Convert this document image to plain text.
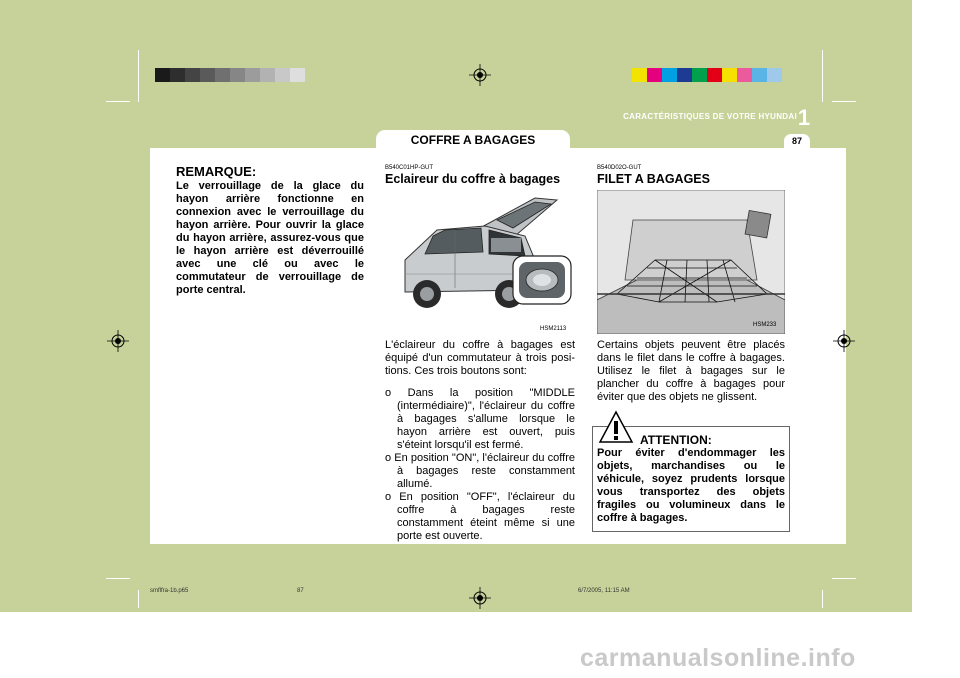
CARACTÉRISTIQUES DE VOTRE HYUNDAI 1
87
COFFRE A BAGAGES
REMARQUE:
Le verrouillage de la glace du hayon arrière fonctionne en connexion avec le verrouillage du hayon arrière. Pour ouvrir la glace du hayon arrière, assurez-vous que le hayon arrière est déverrouillé avec une clé ou avec le commutateur de verrouillage de porte central.
B540C01HP-GUT
Eclaireur du coffre à bagages
HSM2113
L'éclaireur du coffre à bagages est équipé d'un commutateur à trois posi-tions. Ces trois boutons sont:
o Dans la position "MIDDLE (intermédiaire)", l'éclaireur du coffre à bagages s'allume lorsque le hayon arrière est ouvert, puis s'éteint lorsqu'il est fermé.
o En position "ON", l'éclaireur du coffre à bagages reste constamment allumé.
o En position "OFF", l'éclaireur du coffre à bagages reste constamment éteint même si une porte est ouverte.
B540D02O-GUT
FILET A BAGAGES
HSM233
Certains objets peuvent être placés dans le filet dans le coffre à bagages. Utilisez le filet à bagages sur le plancher du coffre à bagages pour éviter que des objets ne glissent.
ATTENTION:
Pour éviter d'endommager les objets, marchandises ou le véhicule, soyez prudents lorsque vous transportez des objets fragiles ou volumineux dans le coffre à bagages.
smflfra-1b.p65	87	6/7/2005, 11:15 AM
carmanualsonline.info
